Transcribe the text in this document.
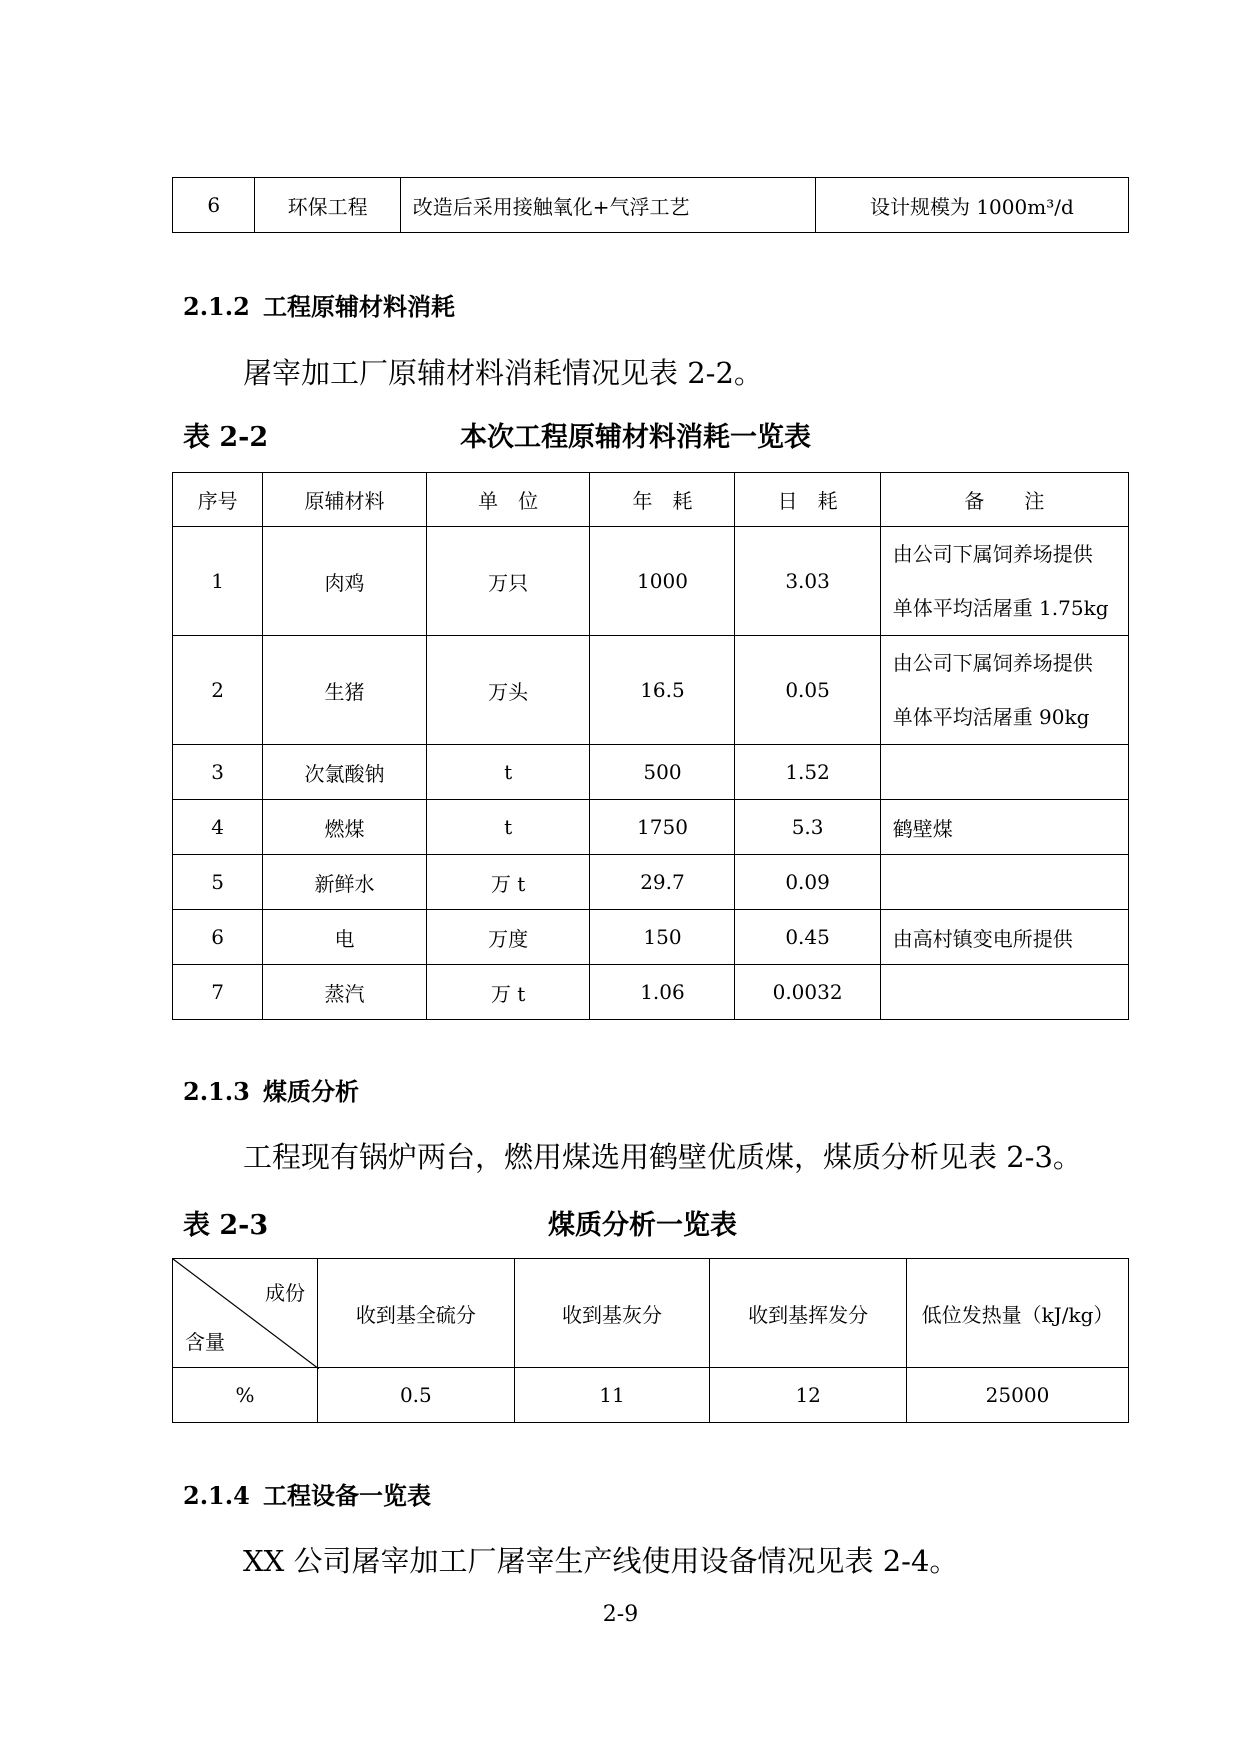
6	环保工程	改造后采用接触氧化+气浮工艺	设计规模为 1000m³/d
2.1.2 工程原辅材料消耗
屠宰加工厂原辅材料消耗情况见表 2-2。
表 2-2	本次工程原辅材料消耗一览表
序号	原辅材料	单　位	年　耗	日　耗	备　　注
1	肉鸡	万只	1000	3.03	由公司下属饲养场提供
单体平均活屠重 1.75kg

2	生猪	万头	16.5	0.05	由公司下属饲养场提供
单体平均活屠重 90kg

3	次氯酸钠	t	500	1.52	
4	燃煤	t	1750	5.3	鹤壁煤
5	新鲜水	万 t	29.7	0.09	
6	电	万度	150	0.45	由高村镇变电所提供
7	蒸汽	万 t	1.06	0.0032	
2.1.3 煤质分析
工程现有锅炉两台，燃用煤选用鹤壁优质煤，煤质分析见表 2-3。
表 2-3	煤质分析一览表
成份
含量	收到基全硫分	收到基灰分	收到基挥发分	低位发热量（kJ/kg）
%	0.5	11	12	25000
2.1.4 工程设备一览表
XX 公司屠宰加工厂屠宰生产线使用设备情况见表 2-4。
2-9
